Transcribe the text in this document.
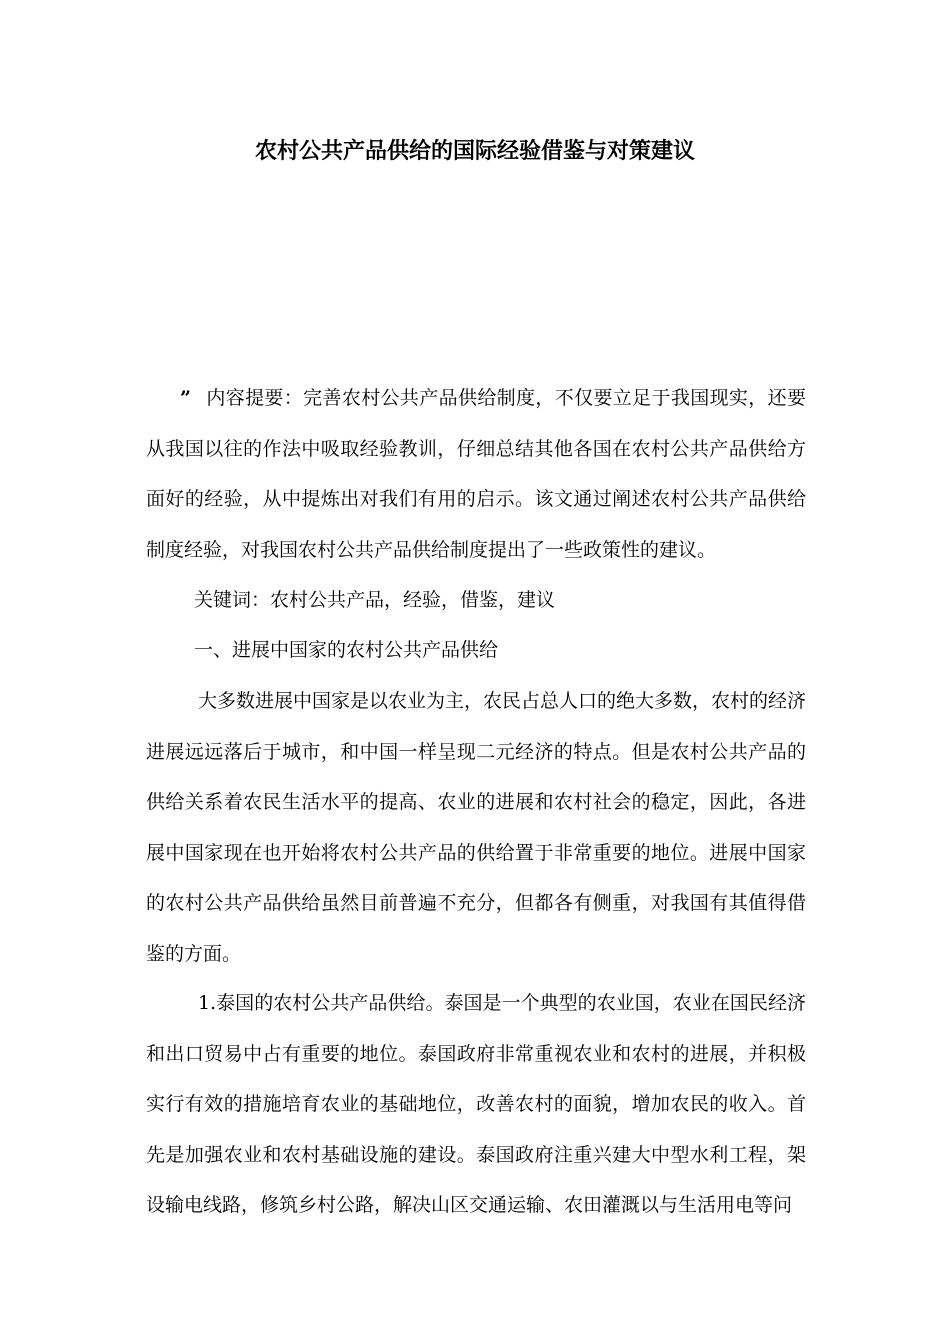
农村公共产品供给的国际经验借鉴与对策建议
” 内容提要：完善农村公共产品供给制度，不仅要立足于我国现实，还要从我国以往的作法中吸取经验教训，仔细总结其他各国在农村公共产品供给方面好的经验，从中提炼出对我们有用的启示。该文通过阐述农村公共产品供给制度经验，对我国农村公共产品供给制度提出了一些政策性的建议。
关键词：农村公共产品，经验，借鉴，建议
一、进展中国家的农村公共产品供给
大多数进展中国家是以农业为主，农民占总人口的绝大多数，农村的经济进展远远落后于城市，和中国一样呈现二元经济的特点。但是农村公共产品的供给关系着农民生活水平的提高、农业的进展和农村社会的稳定，因此，各进展中国家现在也开始将农村公共产品的供给置于非常重要的地位。进展中国家的农村公共产品供给虽然目前普遍不充分，但都各有侧重，对我国有其值得借鉴的方面。
1.泰国的农村公共产品供给。泰国是一个典型的农业国，农业在国民经济和出口贸易中占有重要的地位。泰国政府非常重视农业和农村的进展，并积极实行有效的措施培育农业的基础地位，改善农村的面貌，增加农民的收入。首先是加强农业和农村基础设施的建设。泰国政府注重兴建大中型水利工程，架设输电线路，修筑乡村公路，解决山区交通运输、农田灌溉以与生活用电等问
